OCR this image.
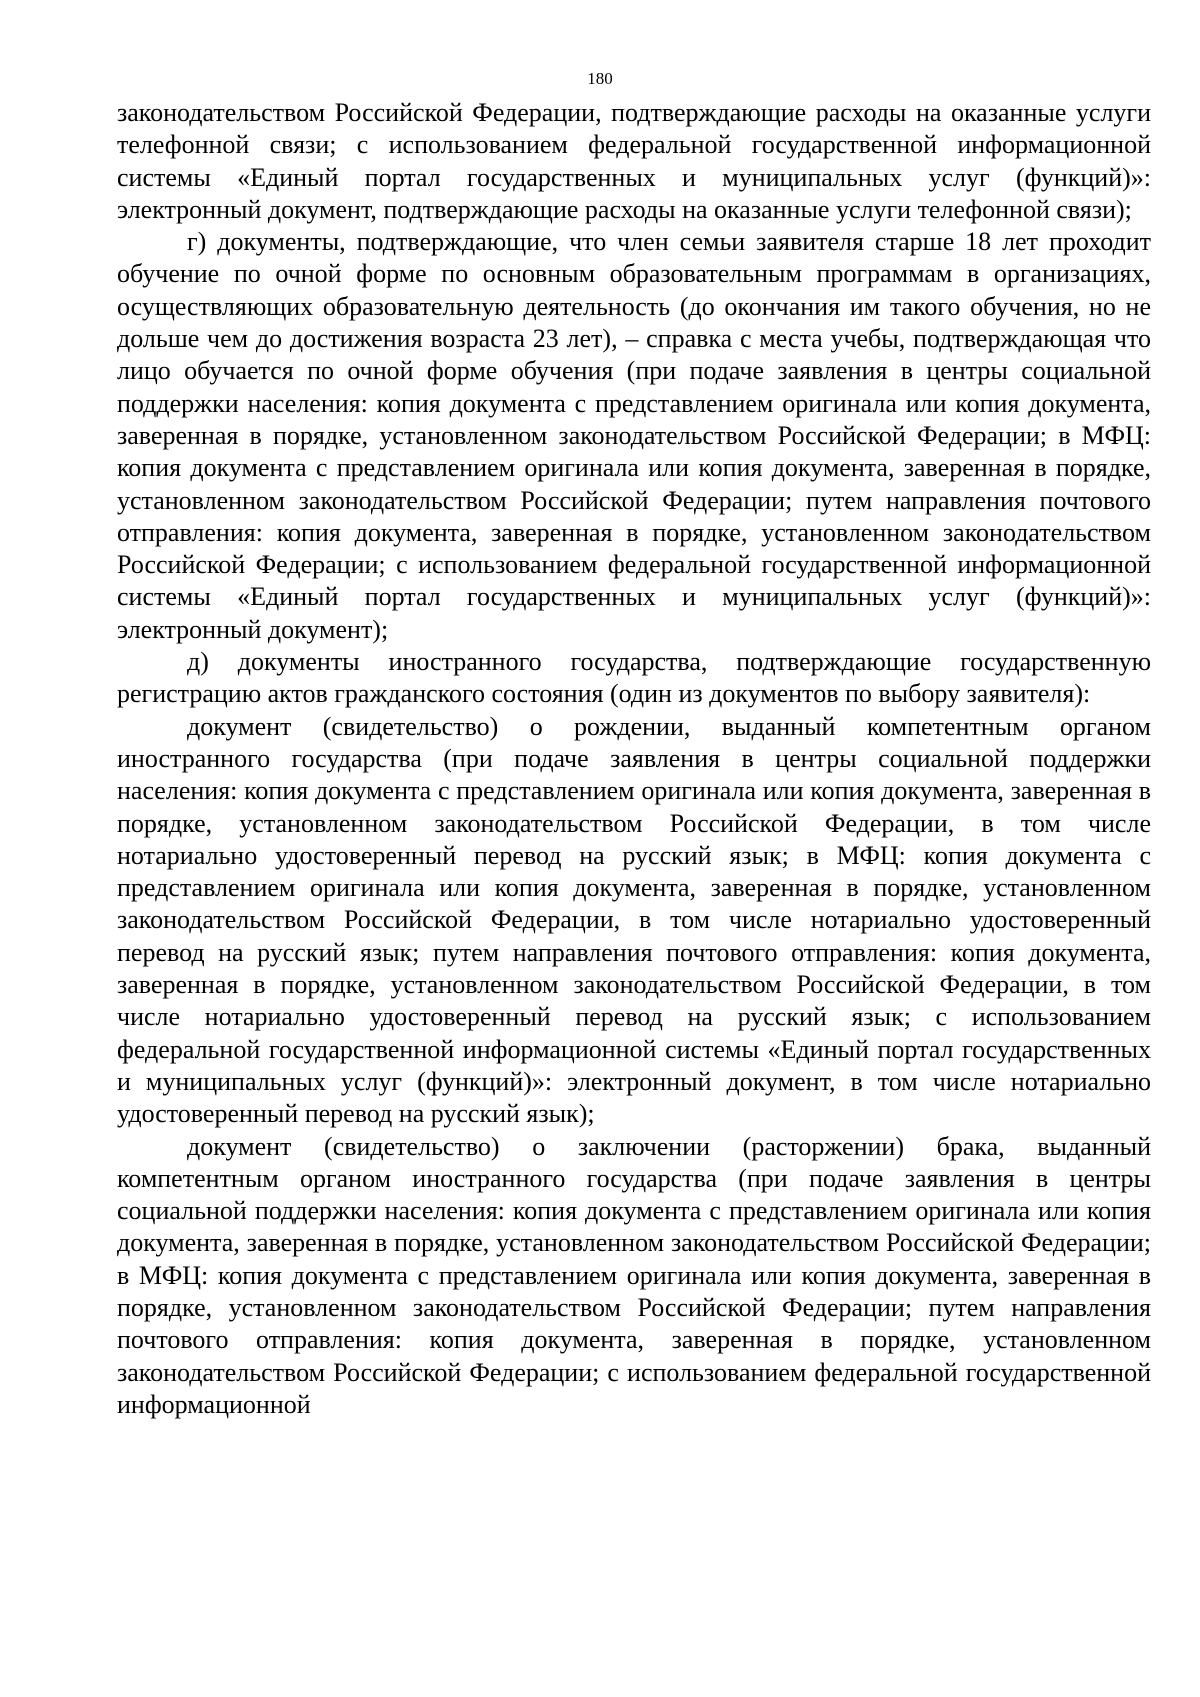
180

законодательством Российской Федерации, подтверждающие расходы на оказанные услуги телефонной связи; с использованием федеральной государственной информационной системы «Единый портал государственных и муниципальных услуг (функций)»: электронный документ, подтверждающие расходы на оказанные услуги телефонной связи);

г) документы, подтверждающие, что член семьи заявителя старше 18 лет проходит обучение по очной форме по основным образовательным программам в организациях, осуществляющих образовательную деятельность (до окончания им такого обучения, но не дольше чем до достижения возраста 23 лет), – справка с места учебы, подтверждающая что лицо обучается по очной форме обучения (при подаче заявления в центры социальной поддержки населения: копия документа с представлением оригинала или копия документа, заверенная в порядке, установленном законодательством Российской Федерации; в МФЦ: копия документа с представлением оригинала или копия документа, заверенная в порядке, установленном законодательством Российской Федерации; путем направления почтового отправления: копия документа, заверенная в порядке, установленном законодательством Российской Федерации; с использованием федеральной государственной информационной системы «Единый портал государственных и муниципальных услуг (функций)»: электронный документ);

д) документы иностранного государства, подтверждающие государственную регистрацию актов гражданского состояния (один из документов по выбору заявителя):

документ (свидетельство) о рождении, выданный компетентным органом иностранного государства (при подаче заявления в центры социальной поддержки населения: копия документа с представлением оригинала или копия документа, заверенная в порядке, установленном законодательством Российской Федерации, в том числе нотариально удостоверенный перевод на русский язык; в МФЦ: копия документа с представлением оригинала или копия документа, заверенная в порядке, установленном законодательством Российской Федерации, в том числе нотариально удостоверенный перевод на русский язык; путем направления почтового отправления: копия документа, заверенная в порядке, установленном законодательством Российской Федерации, в том числе нотариально удостоверенный перевод на русский язык; с использованием федеральной государственной информационной системы «Единый портал государственных и муниципальных услуг (функций)»: электронный документ, в том числе нотариально удостоверенный перевод на русский язык);

документ (свидетельство) о заключении (расторжении) брака, выданный компетентным органом иностранного государства (при подаче заявления в центры социальной поддержки населения: копия документа с представлением оригинала или копия документа, заверенная в порядке, установленном законодательством Российской Федерации; в МФЦ: копия документа с представлением оригинала или копия документа, заверенная в порядке, установленном законодательством Российской Федерации; путем направления почтового отправления: копия документа, заверенная в порядке, установленном законодательством Российской Федерации; с использованием федеральной государственной информационной
